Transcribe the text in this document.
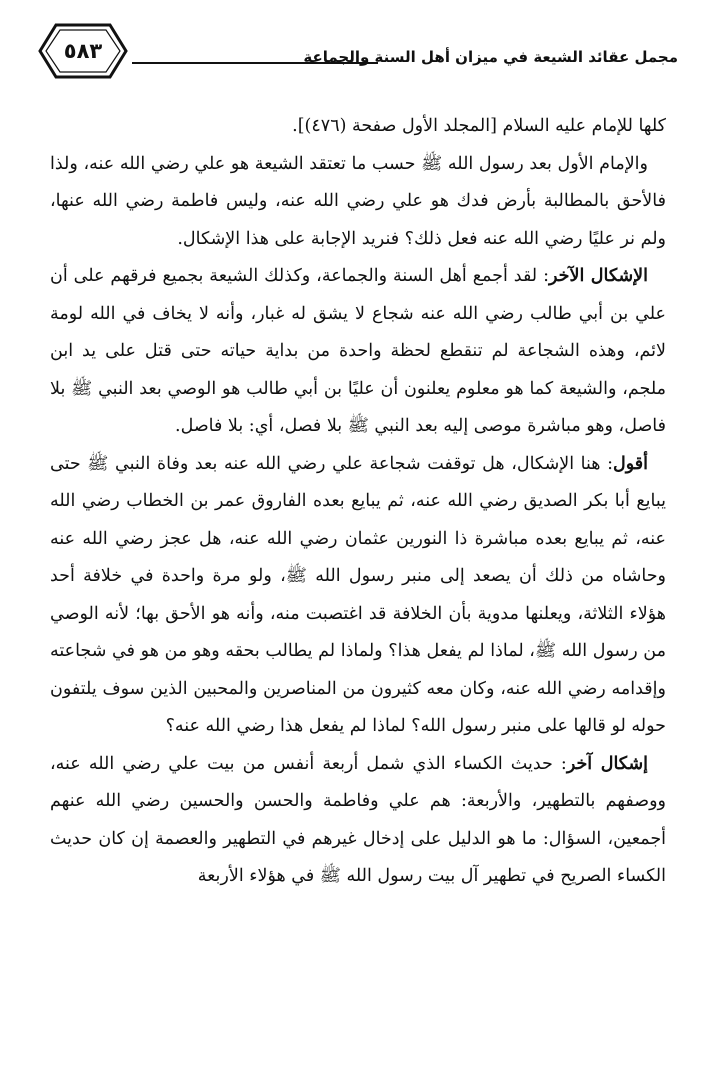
٥٨٣	مجمل عقائد الشيعة في ميزان أهل السنة والجماعة

كلها للإمام عليه السلام [المجلد الأول صفحة (٤٧٦)].

والإمام الأول بعد رسول الله ﷺ حسب ما تعتقد الشيعة هو علي رضي الله عنه، ولذا فالأحق بالمطالبة بأرض فدك هو علي رضي الله عنه، وليس فاطمة رضي الله عنها، ولم نر عليًا رضي الله عنه فعل ذلك؟ فنريد الإجابة على هذا الإشكال.

الإشكال الآخر: لقد أجمع أهل السنة والجماعة، وكذلك الشيعة بجميع فرقهم على أن علي بن أبي طالب رضي الله عنه شجاع لا يشق له غبار، وأنه لا يخاف في الله لومة لائم، وهذه الشجاعة لم تنقطع لحظة واحدة من بداية حياته حتى قتل على يد ابن ملجم، والشيعة كما هو معلوم يعلنون أن عليًا بن أبي طالب هو الوصي بعد النبي ﷺ بلا فاصل، وهو مباشرة موصى إليه بعد النبي ﷺ بلا فصل، أي: بلا فاصل.

أقول: هنا الإشكال، هل توقفت شجاعة علي رضي الله عنه بعد وفاة النبي ﷺ حتى يبايع أبا بكر الصديق رضي الله عنه، ثم يبايع بعده الفاروق عمر بن الخطاب رضي الله عنه، ثم يبايع بعده مباشرة ذا النورين عثمان رضي الله عنه، هل عجز رضي الله عنه وحاشاه من ذلك أن يصعد إلى منبر رسول الله ﷺ، ولو مرة واحدة في خلافة أحد هؤلاء الثلاثة، ويعلنها مدوية بأن الخلافة قد اغتصبت منه، وأنه هو الأحق بها؛ لأنه الوصي من رسول الله ﷺ، لماذا لم يفعل هذا؟ ولماذا لم يطالب بحقه وهو من هو في شجاعته وإقدامه رضي الله عنه، وكان معه كثيرون من المناصرين والمحبين الذين سوف يلتفون حوله لو قالها على منبر رسول الله؟ لماذا لم يفعل هذا رضي الله عنه؟

إشكال آخر: حديث الكساء الذي شمل أربعة أنفس من بيت علي رضي الله عنه، ووصفهم بالتطهير، والأربعة: هم علي وفاطمة والحسن والحسين رضي الله عنهم أجمعين، السؤال: ما هو الدليل على إدخال غيرهم في التطهير والعصمة إن كان حديث الكساء الصريح في تطهير آل بيت رسول الله ﷺ في هؤلاء الأربعة
